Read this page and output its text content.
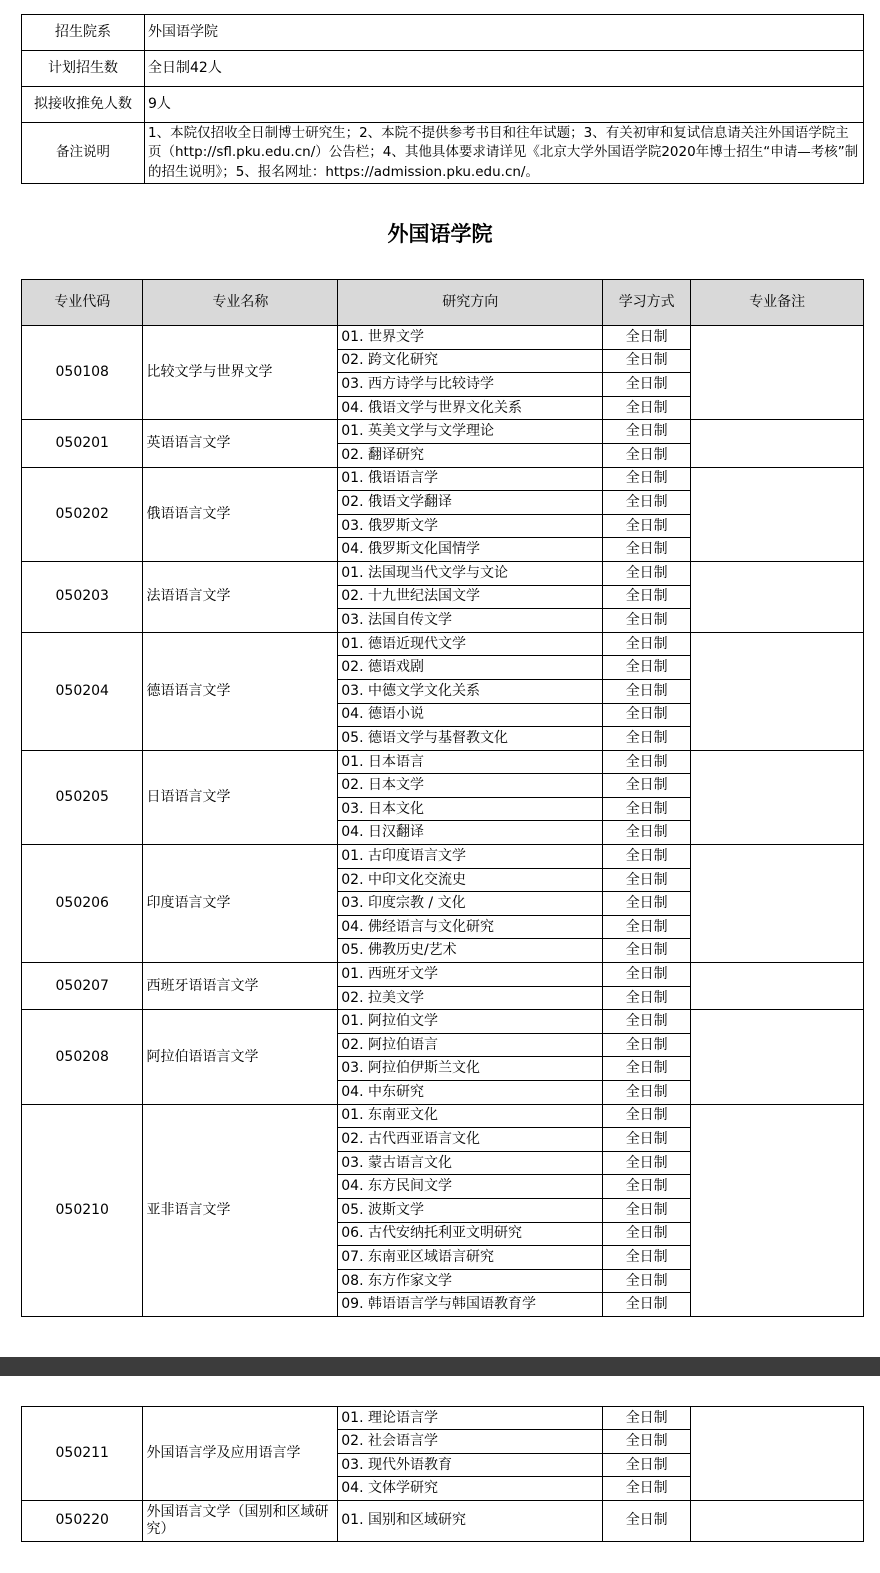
招生院系	外国语学院
计划招生数	全日制42人
拟接收推免人数	9人
备注说明	1、本院仅招收全日制博士研究生；2、本院不提供参考书目和往年试题；3、有关初审和复试信息请关注外国语学院主页（http://sfl.pku.edu.cn/）公告栏；4、其他具体要求请详见《北京大学外国语学院2020年博士招生“申请—考核”制的招生说明》；5、报名网址：https://admission.pku.edu.cn/。
外国语学院
专业代码	专业名称	研究方向	学习方式	专业备注
050108	比较文学与世界文学	01. 世界文学	全日制	
		02. 跨文化研究	全日制	
		03. 西方诗学与比较诗学	全日制	
		04. 俄语文学与世界文化关系	全日制	
050201	英语语言文学	01. 英美文学与文学理论	全日制	
		02. 翻译研究	全日制	
050202	俄语语言文学	01. 俄语语言学	全日制	
		02. 俄语文学翻译	全日制	
		03. 俄罗斯文学	全日制	
		04. 俄罗斯文化国情学	全日制	
050203	法语语言文学	01. 法国现当代文学与文论	全日制	
		02. 十九世纪法国文学	全日制	
		03. 法国自传文学	全日制	
050204	德语语言文学	01. 德语近现代文学	全日制	
		02. 德语戏剧	全日制	
		03. 中德文学文化关系	全日制	
		04. 德语小说	全日制	
		05. 德语文学与基督教文化	全日制	
050205	日语语言文学	01. 日本语言	全日制	
		02. 日本文学	全日制	
		03. 日本文化	全日制	
		04. 日汉翻译	全日制	
050206	印度语言文学	01. 古印度语言文学	全日制	
		02. 中印文化交流史	全日制	
		03. 印度宗教 / 文化	全日制	
		04. 佛经语言与文化研究	全日制	
		05. 佛教历史/艺术	全日制	
050207	西班牙语语言文学	01. 西班牙文学	全日制	
		02. 拉美文学	全日制	
050208	阿拉伯语语言文学	01. 阿拉伯文学	全日制	
		02. 阿拉伯语言	全日制	
		03. 阿拉伯伊斯兰文化	全日制	
		04. 中东研究	全日制	
050210	亚非语言文学	01. 东南亚文化	全日制	
		02. 古代西亚语言文化	全日制	
		03. 蒙古语言文化	全日制	
		04. 东方民间文学	全日制	
		05. 波斯文学	全日制	
		06. 古代安纳托利亚文明研究	全日制	
		07. 东南亚区域语言研究	全日制	
		08. 东方作家文学	全日制	
		09. 韩语语言学与韩国语教育学	全日制	
050211	外国语言学及应用语言学	01. 理论语言学	全日制	
		02. 社会语言学	全日制	
		03. 现代外语教育	全日制	
		04. 文体学研究	全日制	
050220	外国语言文学（国别和区域研究）	01. 国别和区域研究	全日制	
